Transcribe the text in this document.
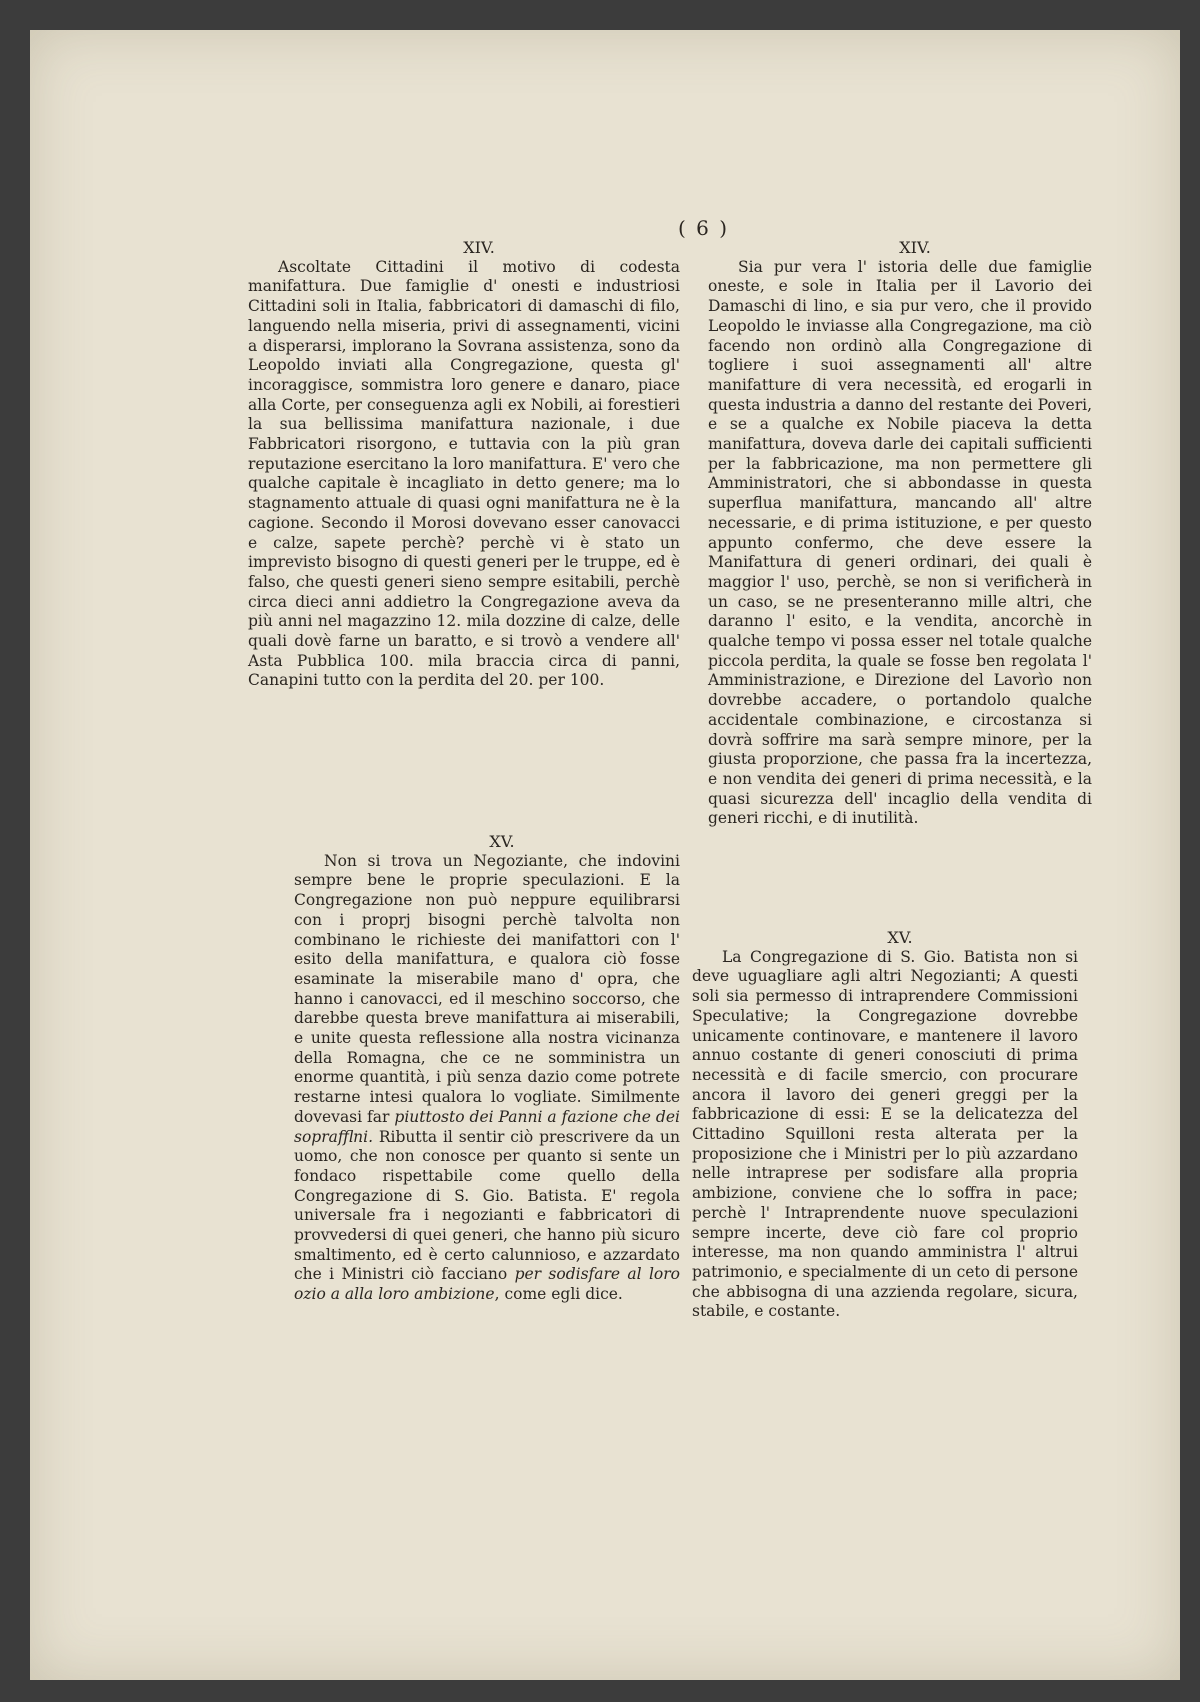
( 6 )

XIV.

Ascoltate Cittadini il motivo di codesta manifattura. Due famiglie d' onesti e industriosi Cittadini soli in Italia, fabbricatori di damaschi di filo, languendo nella miseria, privi di assegnamenti, vicini a disperarsi, implorano la Sovrana assistenza, sono da Leopoldo inviati alla Congregazione, questa gl' incoraggisce, sommistra loro genere e danaro, piace alla Corte, per conseguenza agli ex Nobili, ai forestieri la sua bellissima manifattura nazionale, i due Fabbricatori risorgono, e tuttavia con la più gran reputazione esercitano la loro manifattura. E' vero che qualche capitale è incagliato in detto genere; ma lo stagnamento attuale di quasi ogni manifattura ne è la cagione. Secondo il Morosi dovevano esser canovacci e calze, sapete perchè? perchè vi è stato un imprevisto bisogno di questi generi per le truppe, ed è falso, che questi generi sieno sempre esitabili, perchè circa dieci anni addietro la Congregazione aveva da più anni nel magazzino 12. mila dozzine di calze, delle quali dovè farne un baratto, e si trovò a vendere all' Asta Pubblica 100. mila braccia circa di panni, Canapini tutto con la perdita del 20. per 100.

XV.

Non si trova un Negoziante, che indovini sempre bene le proprie speculazioni. E la Congregazione non può neppure equilibrarsi con i proprj bisogni perchè talvolta non combinano le richieste dei manifattori con l' esito della manifattura, e qualora ciò fosse esaminate la miserabile mano d' opra, che hanno i canovacci, ed il meschino soccorso, che darebbe questa breve manifattura ai miserabili, e unite questa reflessione alla nostra vicinanza della Romagna, che ce ne somministra un enorme quantità, i più senza dazio come potrete restarne intesi qualora lo vogliate. Similmente dovevasi far piuttosto dei Panni a fazione che dei soprafflni. Ributta il sentir ciò prescrivere da un uomo, che non conosce per quanto si sente un fondaco rispettabile come quello della Congregazione di S. Gio. Batista. E' regola universale fra i negozianti e fabbricatori di provvedersi di quei generi, che hanno più sicuro smaltimento, ed è certo calunnioso, e azzardato che i Ministri ciò facciano per sodisfare al loro ozio a alla loro ambizione, come egli dice.

XIV.

Sia pur vera l' istoria delle due famiglie oneste, e sole in Italia per il Lavorio dei Damaschi di lino, e sia pur vero, che il provido Leopoldo le inviasse alla Congregazione, ma ciò facendo non ordinò alla Congregazione di togliere i suoi assegnamenti all' altre manifatture di vera necessità, ed erogarli in questa industria a danno del restante dei Poveri, e se a qualche ex Nobile piaceva la detta manifattura, doveva darle dei capitali sufficienti per la fabbricazione, ma non permettere gli Amministratori, che si abbondasse in questa superflua manifattura, mancando all' altre necessarie, e di prima istituzione, e per questo appunto confermo, che deve essere la Manifattura di generi ordinari, dei quali è maggior l' uso, perchè, se non si verificherà in un caso, se ne presenteranno mille altri, che daranno l' esito, e la vendita, ancorchè in qualche tempo vi possa esser nel totale qualche piccola perdita, la quale se fosse ben regolata l' Amministrazione, e Direzione del Lavorìo non dovrebbe accadere, o portandolo qualche accidentale combinazione, e circostanza si dovrà soffrire ma sarà sempre minore, per la giusta proporzione, che passa fra la incertezza, e non vendita dei generi di prima necessità, e la quasi sicurezza dell' incaglio della vendita di generi ricchi, e di inutilità.

XV.

La Congregazione di S. Gio. Batista non si deve uguagliare agli altri Negozianti; A questi soli sia permesso di intraprendere Commissioni Speculative; la Congregazione dovrebbe unicamente continovare, e mantenere il lavoro annuo costante di generi conosciuti di prima necessità e di facile smercio, con procurare ancora il lavoro dei generi greggi per la fabbricazione di essi: E se la delicatezza del Cittadino Squilloni resta alterata per la proposizione che i Ministri per lo più azzardano nelle intraprese per sodisfare alla propria ambizione, conviene che lo soffra in pace; perchè l' Intraprendente nuove speculazioni sempre incerte, deve ciò fare col proprio interesse, ma non quando amministra l' altrui patrimonio, e specialmente di un ceto di persone che abbisogna di una azzienda regolare, sicura, stabile, e costante.
